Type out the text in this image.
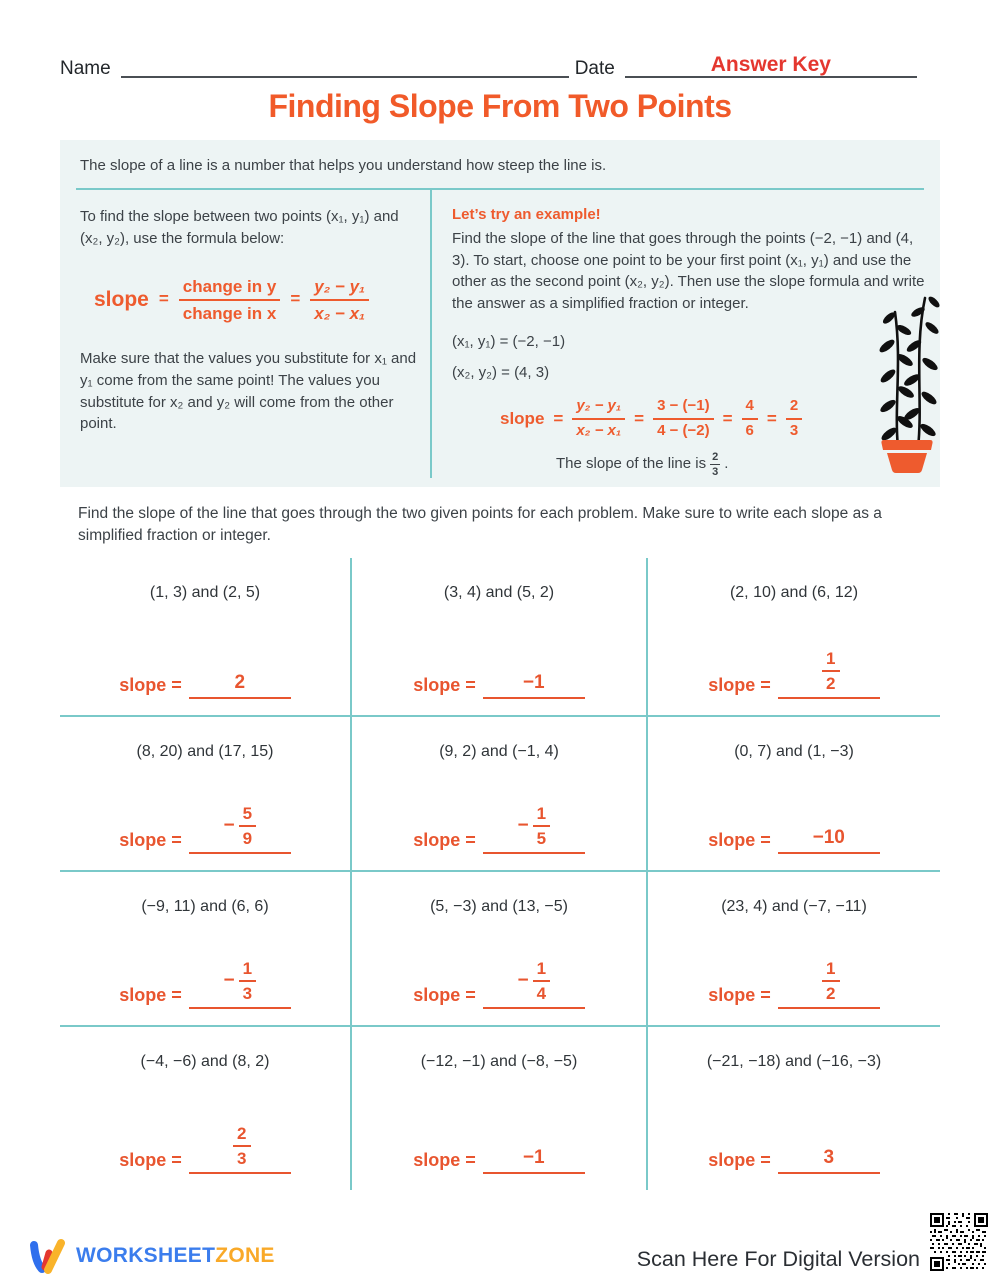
Name	Date	Answer Key
Finding Slope From Two Points
The slope of a line is a number that helps you understand how steep the line is.
To find the slope between two points (x₁, y₁) and (x₂, y₂), use the formula below:
slope = $\frac{\text{change in y}}{\text{change in x}} = \frac{\text{y₂ − y₁}}{\text{x₂ − x₁}}$
Make sure that the values you substitute for x₁ and y₁ come from the same point! The values you substitute for x₂ and y₂ will come from the other point.
Let’s try an example!
Find the slope of the line that goes through the points (−2, −1) and (4, 3). To start, choose one point to be your first point (x₁, y₁) and use the other as the second point (x₂, y₂). Then use the slope formula and write the answer as a simplified fraction or integer.
(x₁, y₁) = (−2, −1)
(x₂, y₂) = (4, 3)
slope = $\frac{\text{y₂ − y₁}}{\text{x₂ − x₁}} = \frac{3 - (-1)}{4 - (-2)} = \frac{4}{6} = \frac{2}{3}$
The slope of the line is $\frac{2}{3}$ .
Find the slope of the line that goes through the two given points for each problem. Make sure to write each slope as a simplified fraction or integer.
(1, 3) and (2, 5)
slope =	2
(3, 4) and (5, 2)
slope = −1
(2, 10) and (6, 12)
slope =	$\frac{1}{2}$
(8, 20) and (17, 15)
slope =
− $\frac{5}{9}$
(9, 2) and (−1, 4)
slope =
− $\frac{1}{5}$
(0, 7) and (1, −3)
slope = −10
(−9, 11) and (6, 6)
slope =
− $\frac{1}{3}$
(5, −3) and (13, −5)
slope =
− $\frac{1}{4}$
(23, 4) and (−7, −11)
slope =	$\frac{1}{2}$
(−4, −6) and (8, 2)
slope =	$\frac{2}{3}$
(−12, −1) and (−8, −5)
slope = −1
(−21, −18) and (−16, −3)
slope =	3
WORKSHEETZONE	Scan Here For Digital Version
